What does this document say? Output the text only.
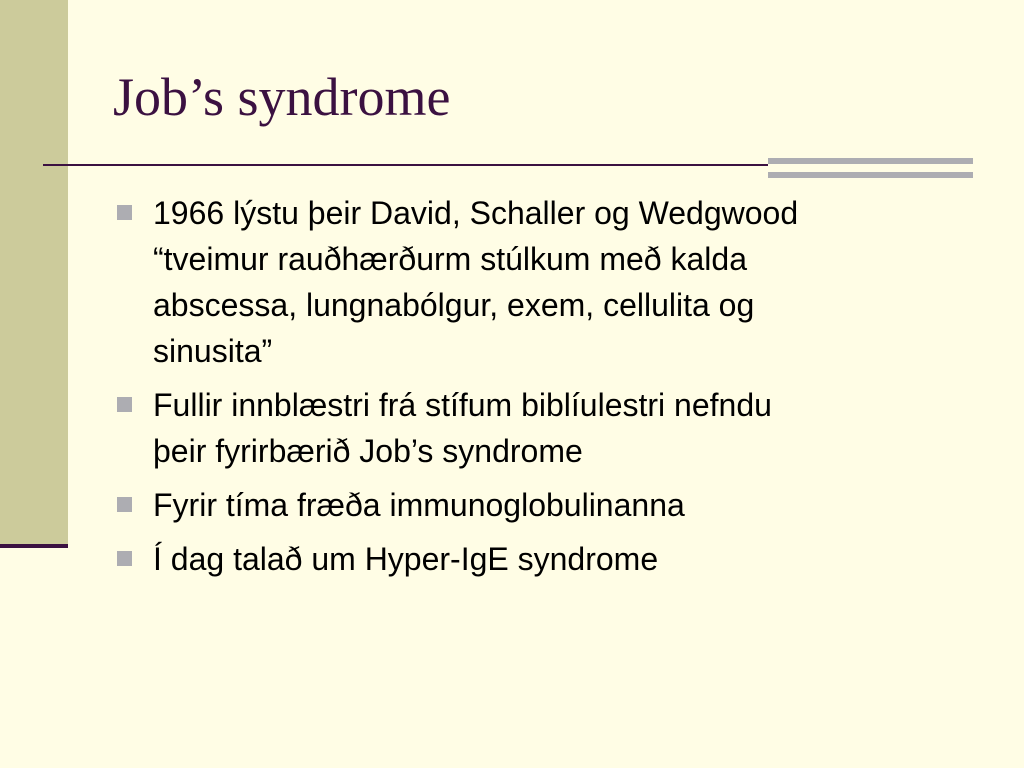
Job’s syndrome
1966 lýstu þeir David, Schaller og Wedgwood
“tveimur rauðhærðurm stúlkum með kalda
abscessa, lungnabólgur, exem, cellulita og
sinusita”
Fullir innblæstri frá stífum biblíulestri nefndu
þeir fyrirbærið Job’s syndrome
Fyrir tíma fræða immunoglobulinanna
Í dag talað um Hyper-IgE syndrome
